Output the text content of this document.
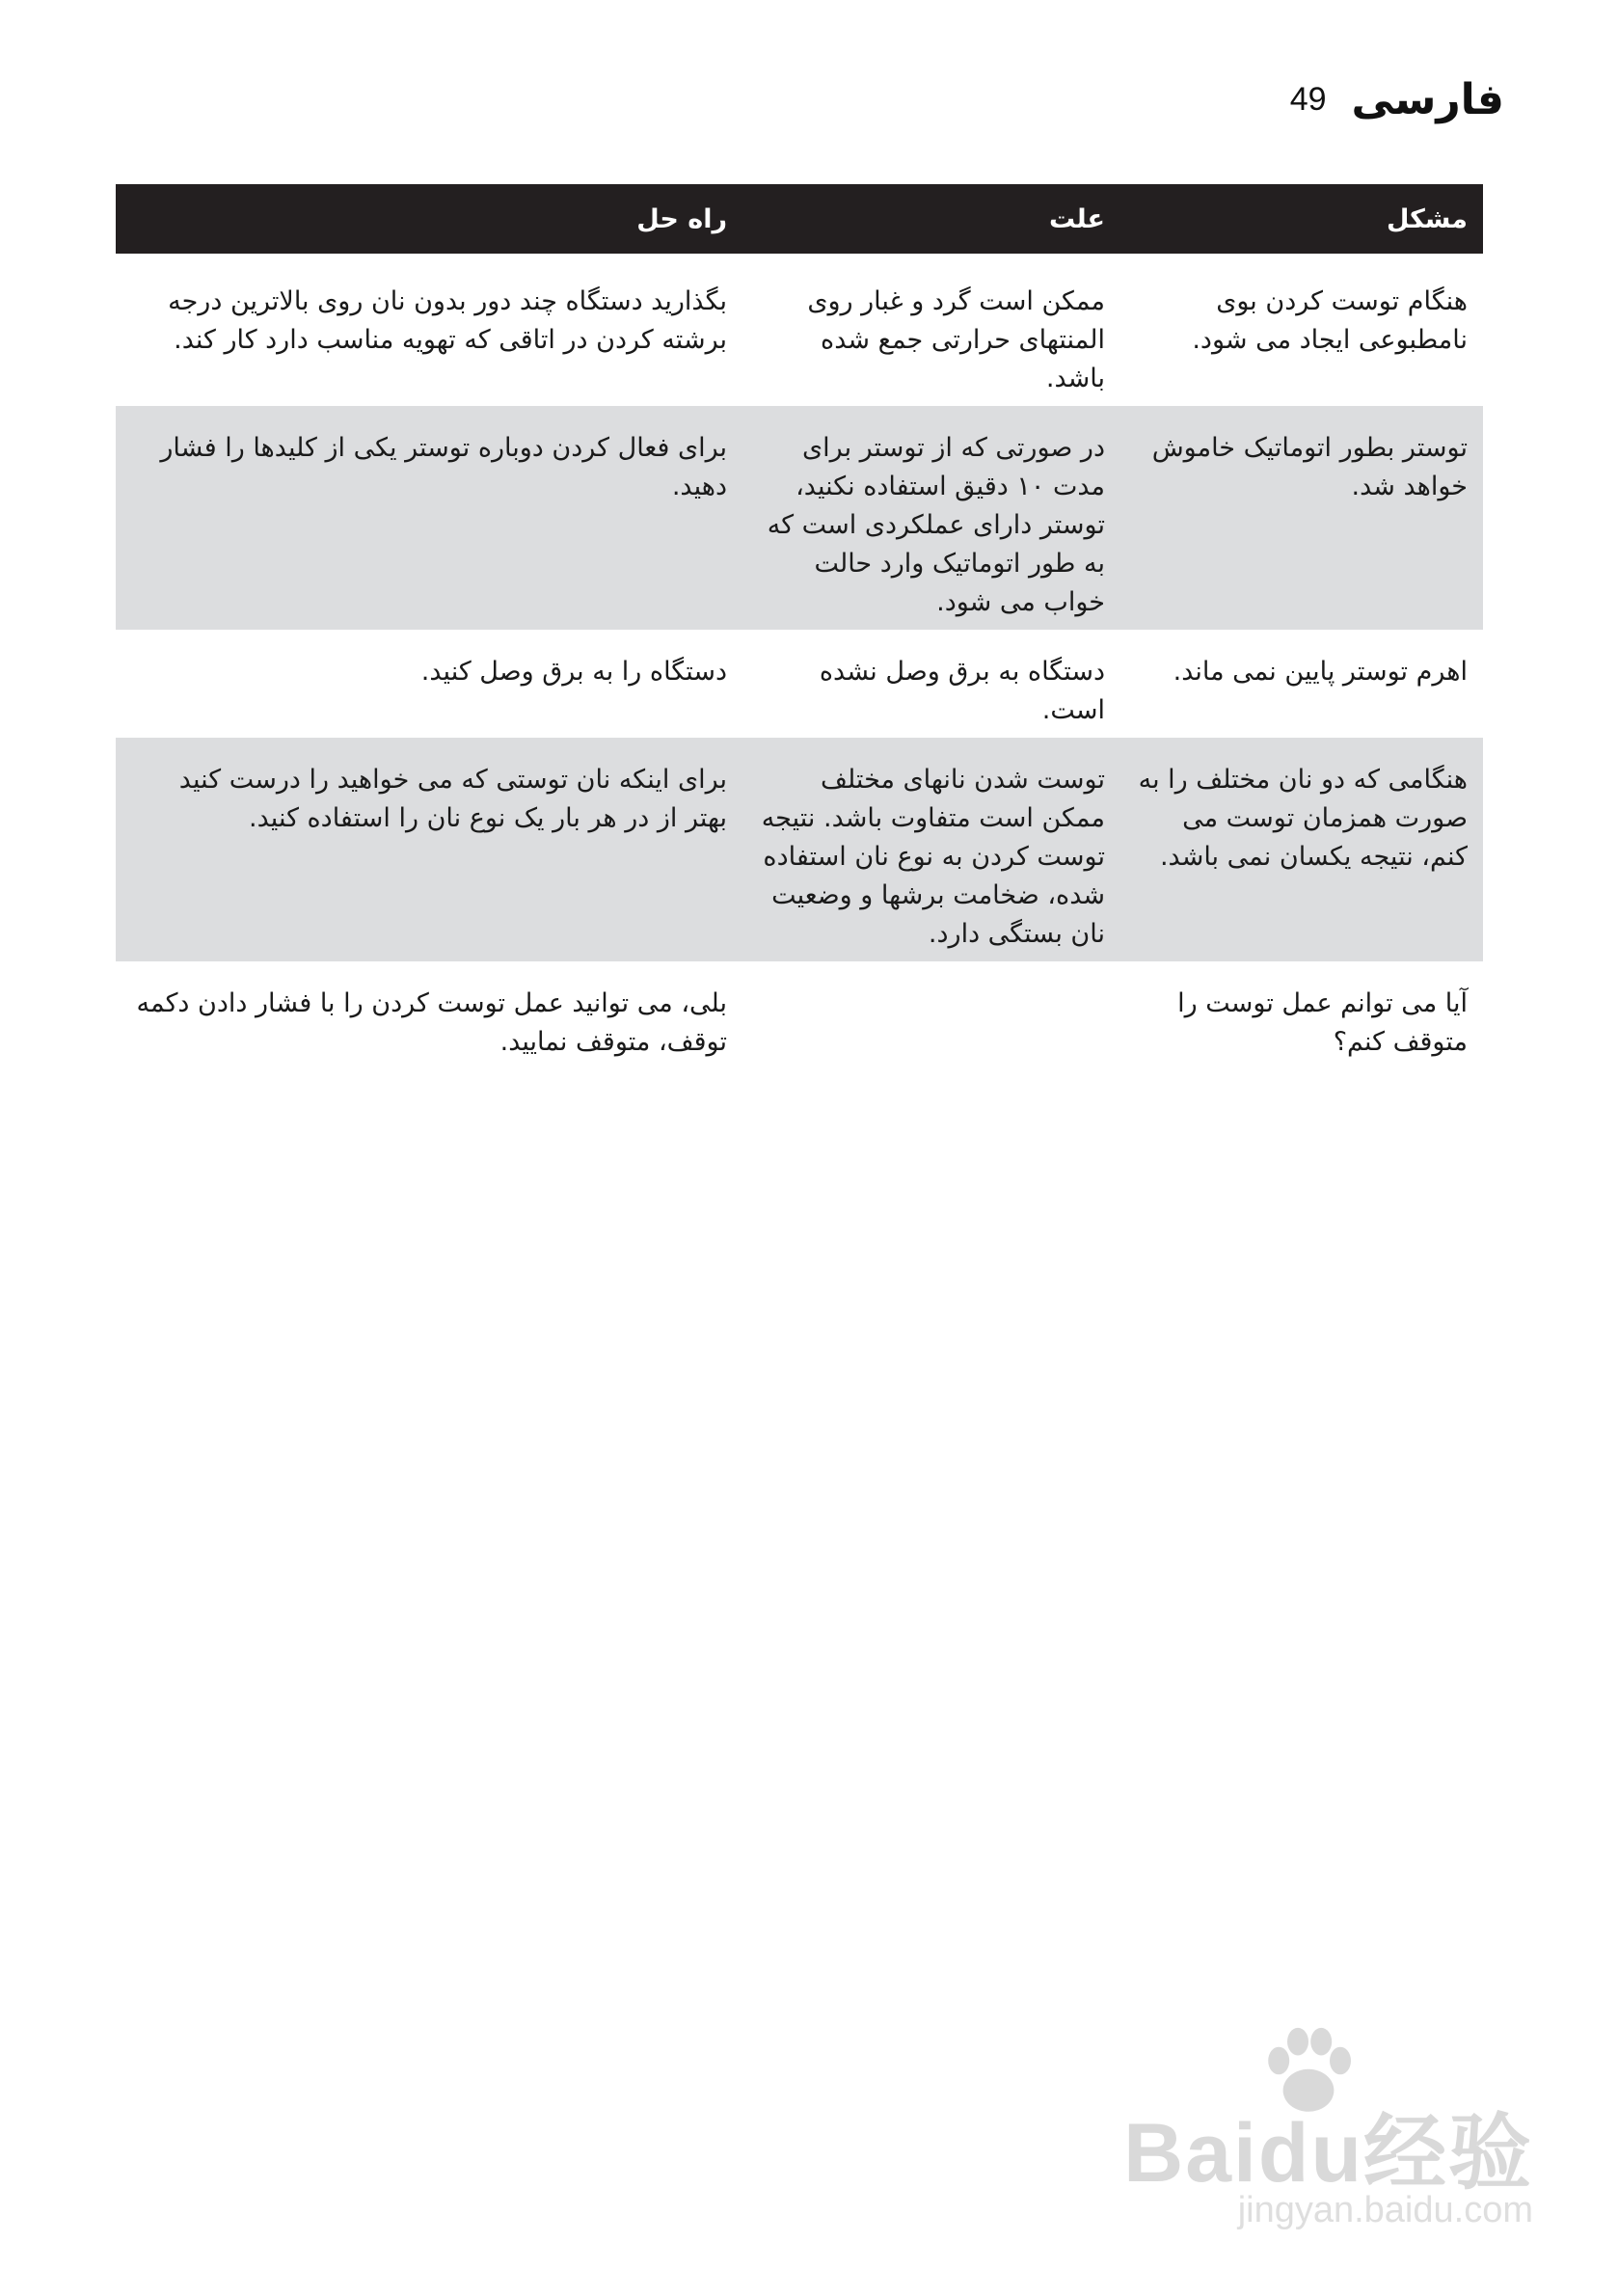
فارسی
49
مشکل	علت	راه حل
هنگام توست کردن بوی نامطبوعی ایجاد می شود.	ممکن است گرد و غبار روی المنتهای حرارتی جمع شده باشد.	بگذارید دستگاه چند دور بدون نان روی بالاترین درجه برشته کردن در اتاقی که تهویه مناسب دارد کار کند.
توستر بطور اتوماتیک خاموش خواهد شد.	در صورتی که از توستر برای مدت ۱۰ دقیق استفاده نکنید، توستر دارای عملکردی است که به طور اتوماتیک وارد حالت خواب می شود.	برای فعال کردن دوباره توستر یکی از کلیدها را فشار دهید.
اهرم توستر پایین نمی ماند.	دستگاه به برق وصل نشده است.	دستگاه را به برق وصل کنید.
هنگامی که دو نان مختلف را به صورت همزمان توست می کنم، نتیجه یکسان نمی باشد.	توست شدن نانهای مختلف ممکن است متفاوت باشد. نتیجه توست کردن به نوع نان استفاده شده، ضخامت برشها و وضعیت نان بستگی دارد.	برای اینکه نان توستی که می خواهید را درست کنید بهتر از در هر بار یک نوع نان را استفاده کنید.
آیا می توانم عمل توست را متوقف کنم؟		بلی، می توانید عمل توست کردن را با فشار دادن دکمه توقف، متوقف نمایید.
Baidu经验
jingyan.baidu.com
